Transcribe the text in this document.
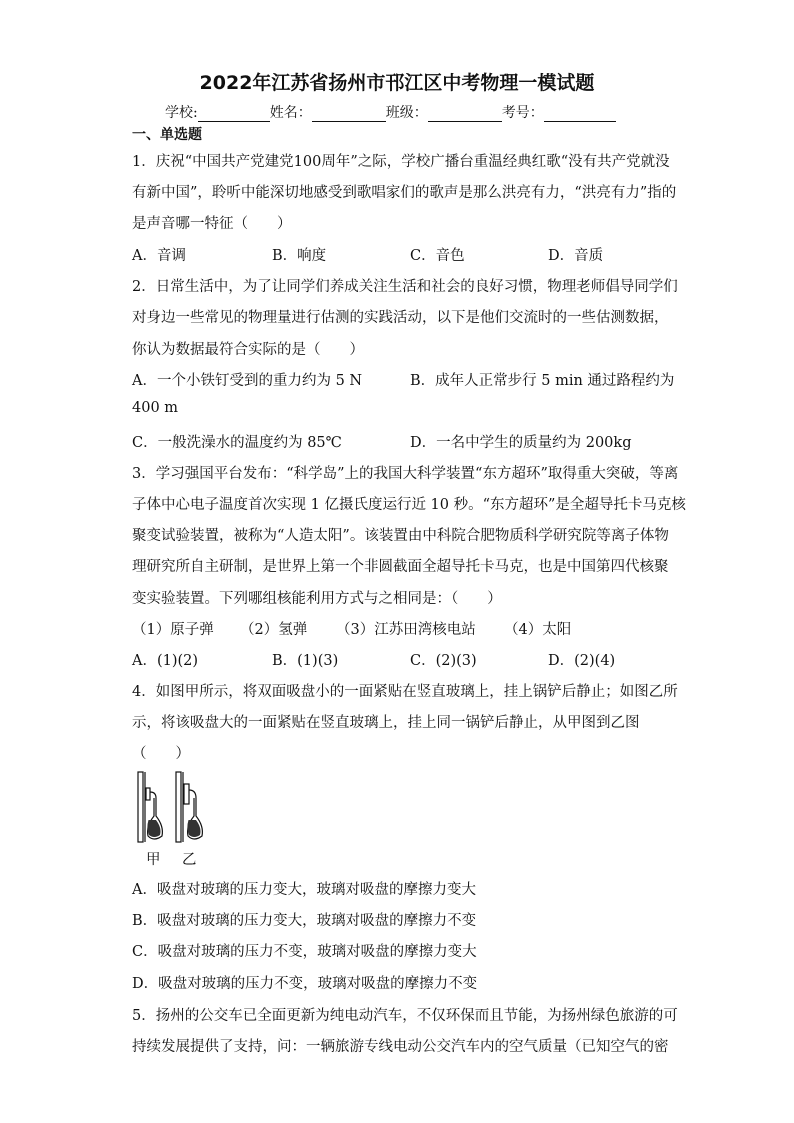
2022年江苏省扬州市邗江区中考物理一模试题
学校:	姓名：	班级：	考号：
一、单选题
1．庆祝“中国共产党建党100周年”之际，学校广播台重温经典红歌“没有共产党就没
有新中国”，聆听中能深切地感受到歌唱家们的歌声是那么洪亮有力，“洪亮有力”指的
是声音哪一特征（　　）
A．音调	B．响度	C．音色	D．音质
2．日常生活中，为了让同学们养成关注生活和社会的良好习惯，物理老师倡导同学们
对身边一些常见的物理量进行估测的实践活动，以下是他们交流时的一些估测数据，
你认为数据最符合实际的是（　　）
A．一个小铁钉受到的重力约为 5 N	B．成年人正常步行 5 min 通过路程约为
400 m
C．一般洗澡水的温度约为 85℃	D．一名中学生的质量约为 200kg
3．学习强国平台发布：“科学岛”上的我国大科学装置“东方超环”取得重大突破，等离
子体中心电子温度首次实现 1 亿摄氏度运行近 10 秒。“东方超环”是全超导托卡马克核
聚变试验装置，被称为“人造太阳”。该装置由中科院合肥物质科学研究院等离子体物
理研究所自主研制，是世界上第一个非圆截面全超导托卡马克，也是中国第四代核聚
变实验装置。下列哪组核能利用方式与之相同是：（　　）
（1）原子弹 （2）氢弹 （3）江苏田湾核电站 （4）太阳
A．(1)(2)	B．(1)(3)	C．(2)(3)	D．(2)(4)
4．如图甲所示，将双面吸盘小的一面紧贴在竖直玻璃上，挂上锅铲后静止；如图乙所
示，将该吸盘大的一面紧贴在竖直玻璃上，挂上同一锅铲后静止，从甲图到乙图
（　　）
甲 乙
A．吸盘对玻璃的压力变大，玻璃对吸盘的摩擦力变大
B．吸盘对玻璃的压力变大，玻璃对吸盘的摩擦力不变
C．吸盘对玻璃的压力不变，玻璃对吸盘的摩擦力变大
D．吸盘对玻璃的压力不变，玻璃对吸盘的摩擦力不变
5．扬州的公交车已全面更新为纯电动汽车，不仅环保而且节能，为扬州绿色旅游的可
持续发展提供了支持，问：一辆旅游专线电动公交汽车内的空气质量（已知空气的密
